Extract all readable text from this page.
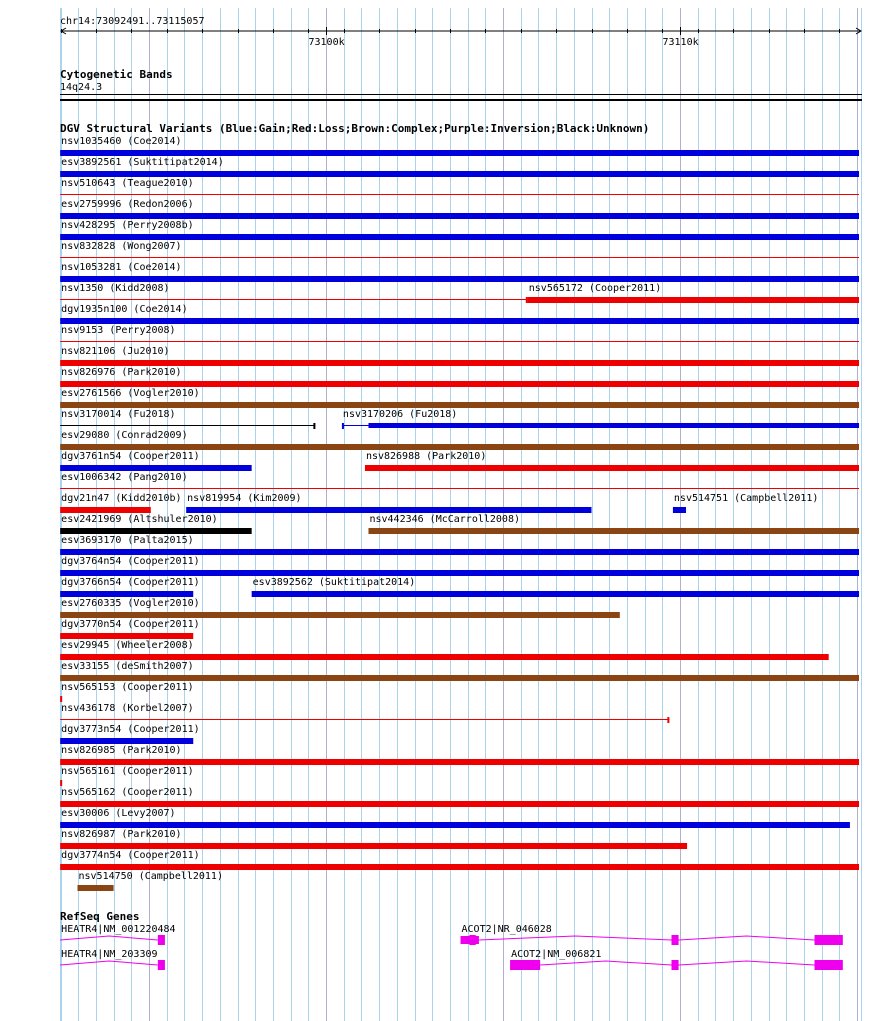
chr14:73092491..73115057
73100k	73110k
Cytogenetic Bands
14q24.3
DGV Structural Variants (Blue:Gain;Red:Loss;Brown:Complex;Purple:Inversion;Black:Unknown)
nsv1035460 (Coe2014)
esv3892561 (Suktitipat2014)
nsv510643 (Teague2010)
esv2759996 (Redon2006)
nsv428295 (Perry2008b)
nsv832828 (Wong2007)
nsv1053281 (Coe2014)
nsv1350 (Kidd2008)	nsv565172 (Cooper2011)
dgv1935n100 (Coe2014)
nsv9153 (Perry2008)
nsv821106 (Ju2010)
nsv826976 (Park2010)
esv2761566 (Vogler2010)
nsv3170014 (Fu2018)	nsv3170206 (Fu2018)
esv29080 (Conrad2009)
dgv3761n54 (Cooper2011)	nsv826988 (Park2010)
esv1006342 (Pang2010)
dgv21n47 (Kidd2010b) nsv819954 (Kim2009)	nsv514751 (Campbell2011)
esv2421969 (Altshuler2010)	nsv442346 (McCarroll2008)
esv3693170 (Palta2015)
dgv3764n54 (Cooper2011)
dgv3766n54 (Cooper2011)	esv3892562 (Suktitipat2014)
esv2760335 (Vogler2010)
dgv3770n54 (Cooper2011)
esv29945 (Wheeler2008)
esv33155 (deSmith2007)
nsv565153 (Cooper2011)
nsv436178 (Korbel2007)
dgv3773n54 (Cooper2011)
nsv826985 (Park2010)
nsv565161 (Cooper2011)
nsv565162 (Cooper2011)
esv30006 (Levy2007)
nsv826987 (Park2010)
dgv3774n54 (Cooper2011)
nsv514750 (Campbell2011)
RefSeq Genes
HEATR4|NM_001220484	ACOT2|NR_046028
HEATR4|NM_203309	ACOT2|NM_006821
